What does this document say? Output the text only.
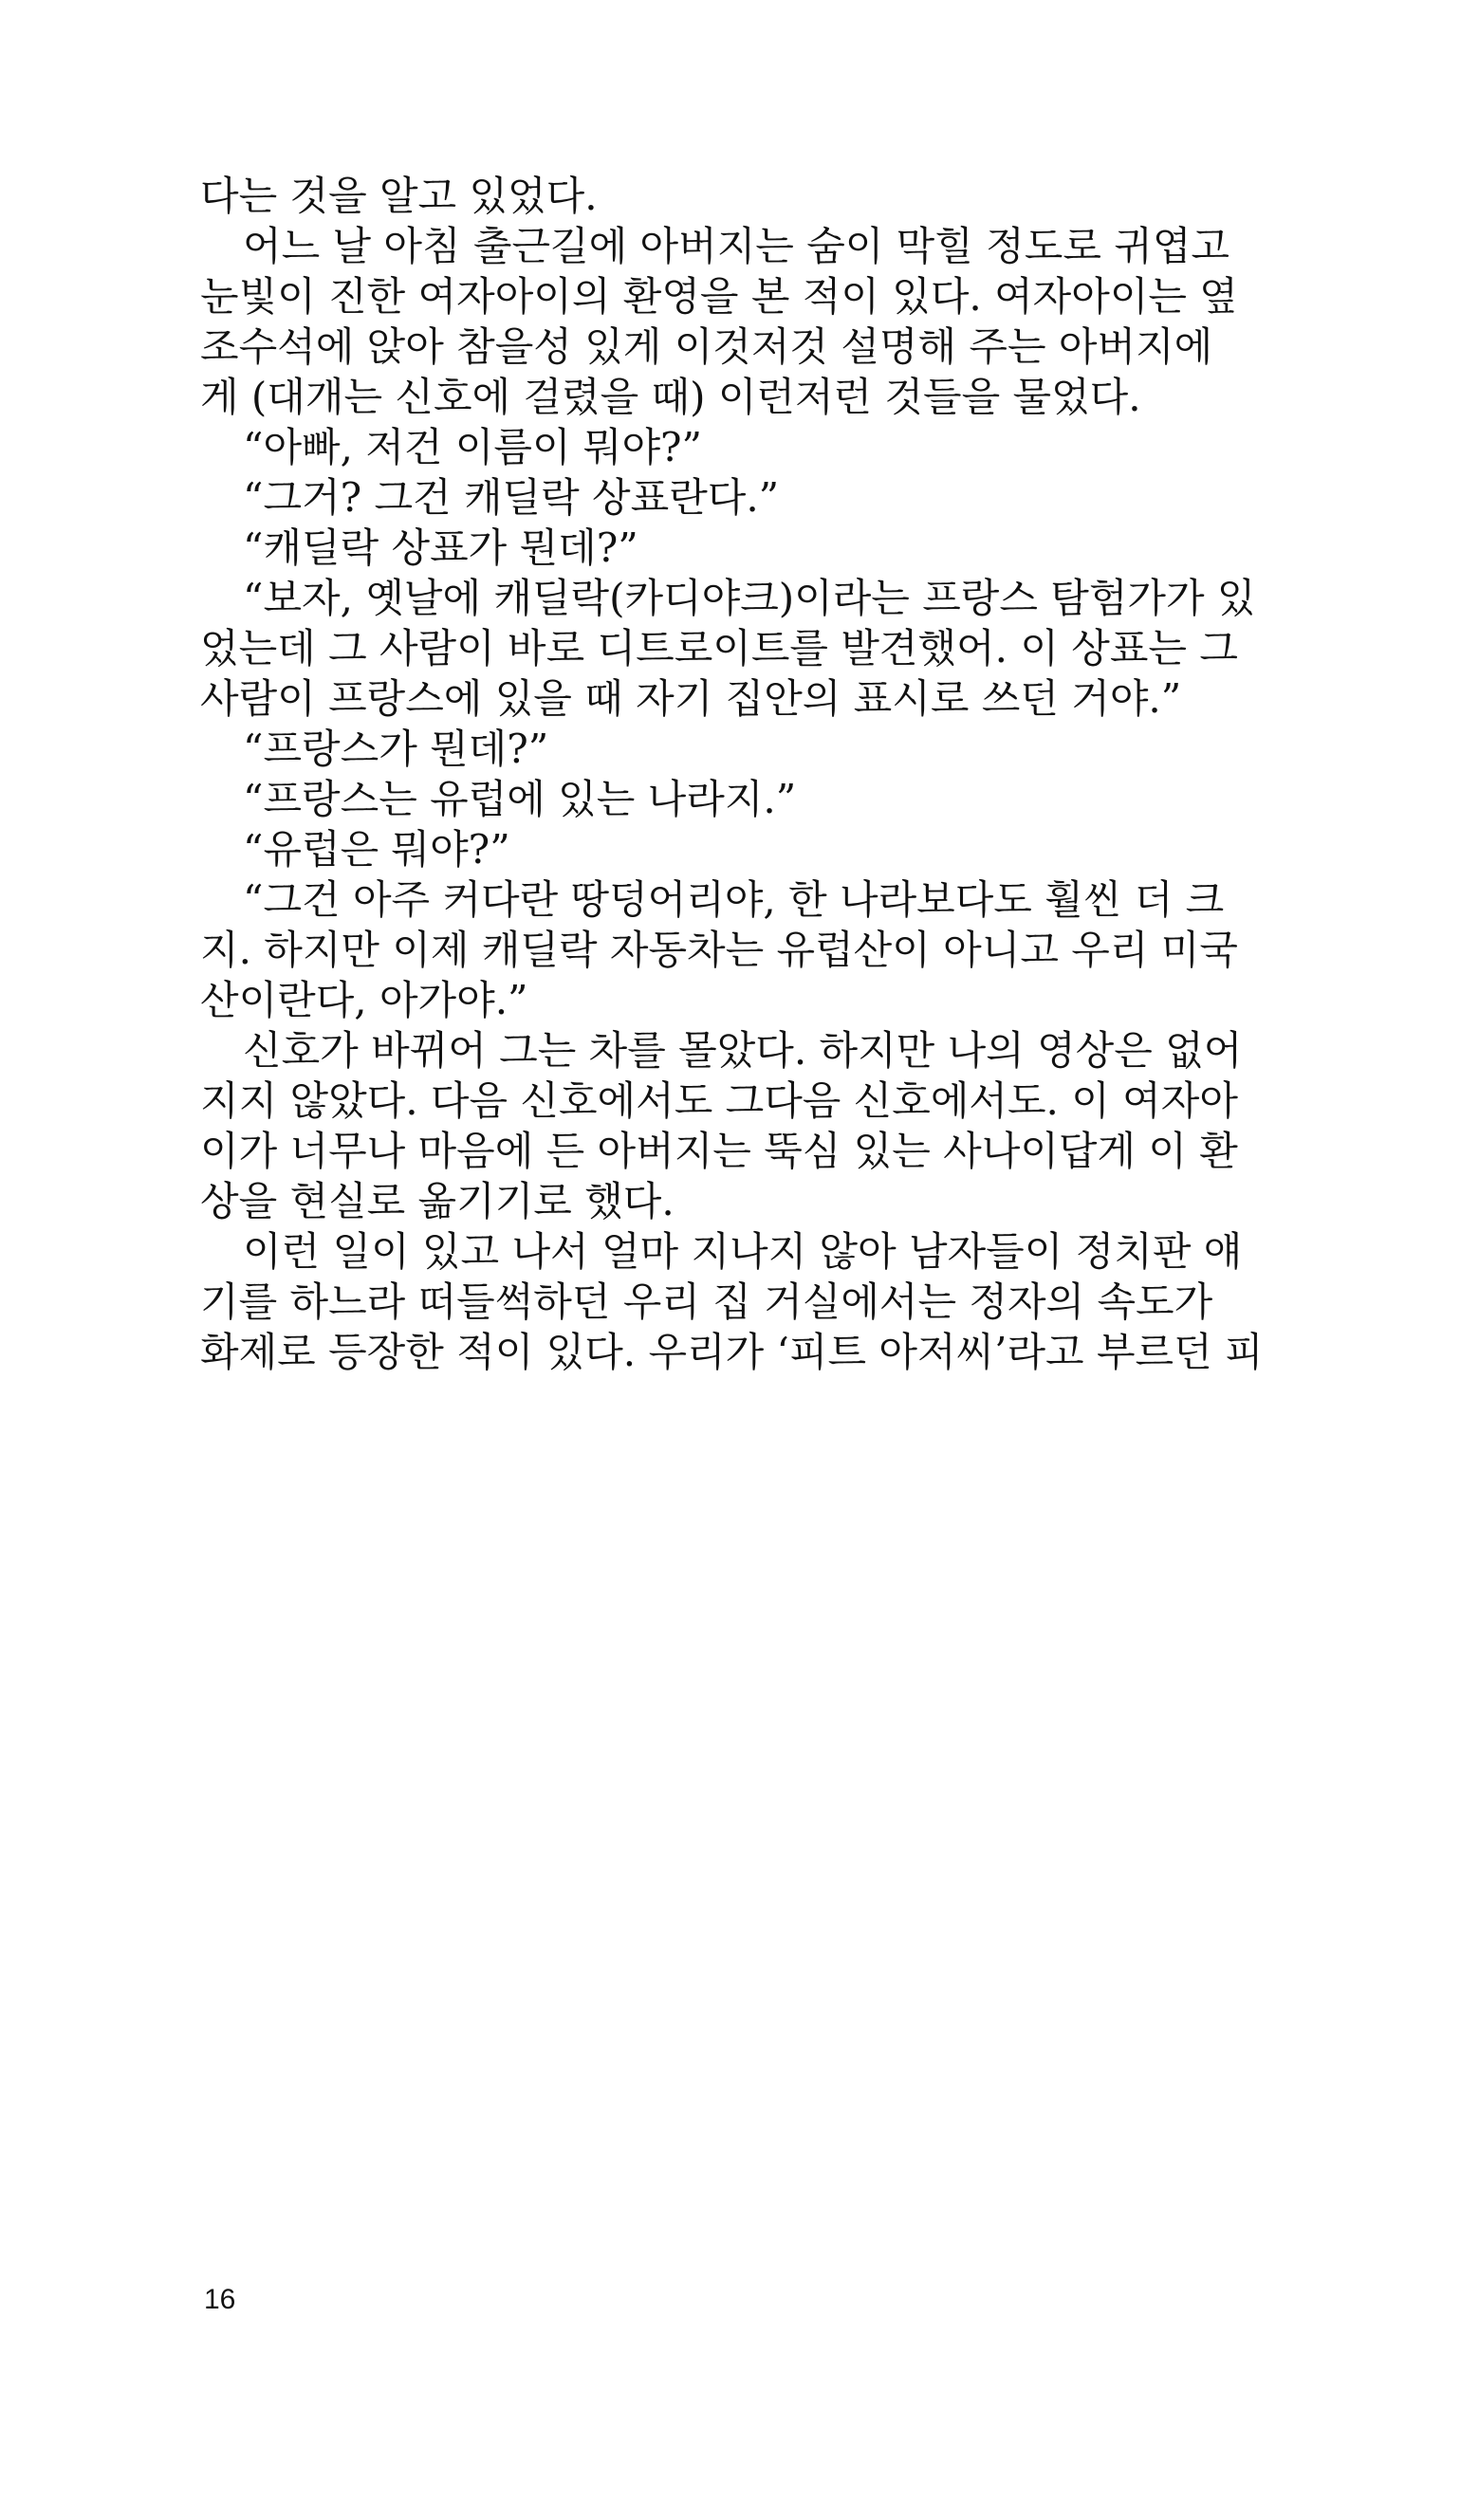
다는 것을 알고 있었다.
어느 날 아침 출근길에 아버지는 숨이 막힐 정도로 귀엽고
눈빛이 진한 여자아이의 환영을 본 적이 있다. 여자아이는 옆
조수석에 앉아 참을성 있게 이것저것 설명해 주는 아버지에
게 (대개는 신호에 걸렸을 때) 이런저런 것들을 물었다.
“아빠, 저건 이름이 뭐야?”
“그거? 그건 캐딜락 상표란다.”
“캐딜락 상표가 뭔데?”
“보자, 옛날에 캐딜락(카디야크)이라는 프랑스 탐험가가 있
었는데 그 사람이 바로 디트로이트를 발견했어. 이 상표는 그
사람이 프랑스에 있을 때 자기 집안의 표시로 쓰던 거야.”
“프랑스가 뭔데?”
“프랑스는 유럽에 있는 나라지.”
“유럽은 뭐야?”
“그건 아주 커다란 땅덩어리야, 한 나라보다도 훨씬 더 크
지. 하지만 이제 캐딜락 자동차는 유럽산이 아니고 우리 미국
산이란다, 아가야.”
신호가 바뀌어 그는 차를 몰았다. 하지만 나의 영상은 없어
지지 않았다. 다음 신호에서도 그다음 신호에서도. 이 여자아
이가 너무나 마음에 든 아버지는 뚝심 있는 사나이답게 이 환
상을 현실로 옮기기로 했다.
이런 일이 있고 나서 얼마 지나지 않아 남자들이 정치판 얘
기를 하느라 떠들썩하던 우리 집 거실에서는 정자의 속도가
화제로 등장한 적이 있다. 우리가 ‘피트 아저씨’라고 부르던 피
16
